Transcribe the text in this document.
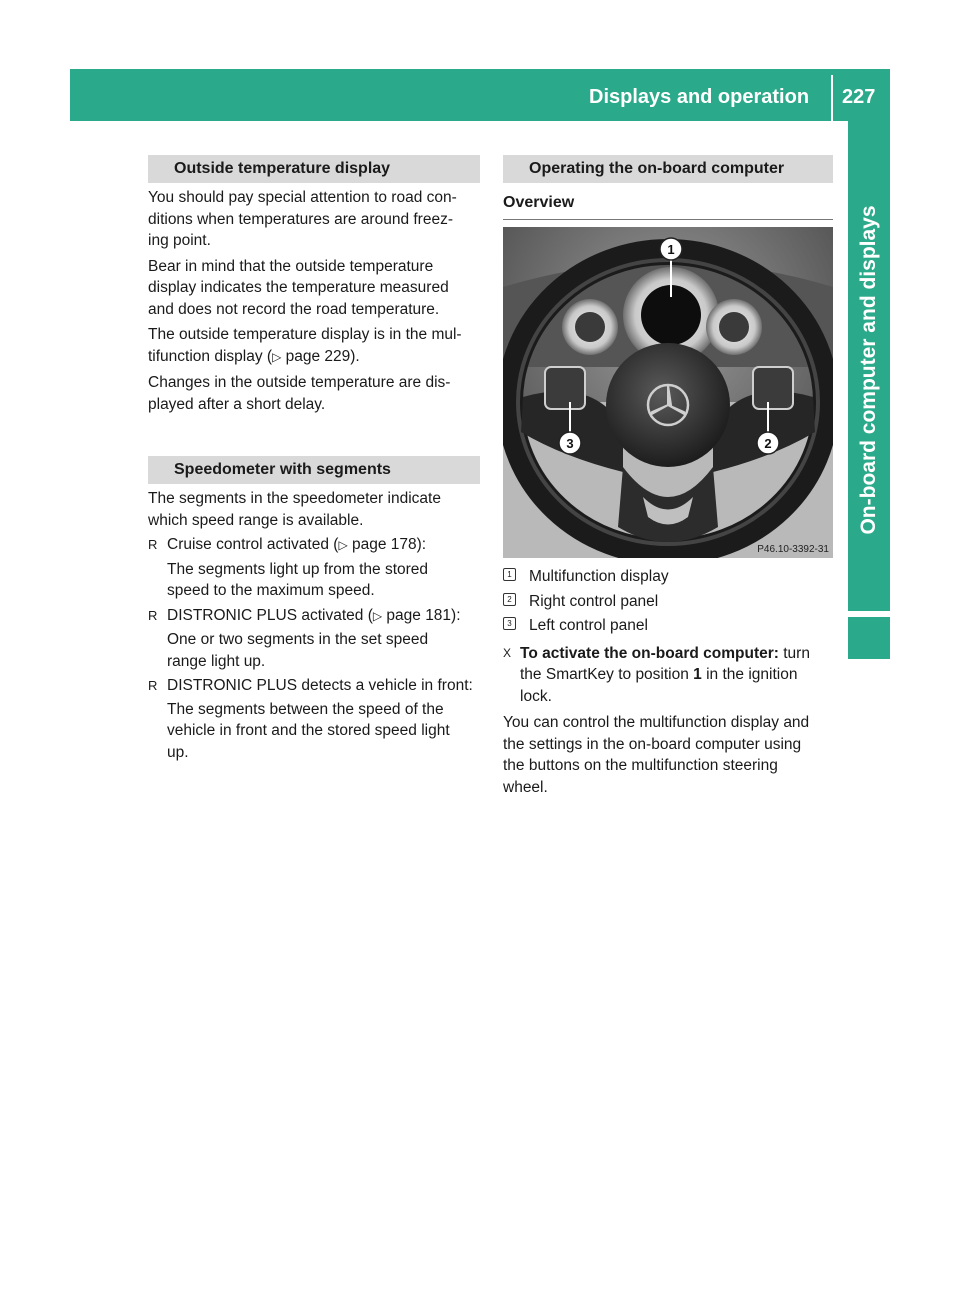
Displays and operation 227
On-board computer and displays
Outside temperature display

You should pay special attention to road con-
ditions when temperatures are around freez-
ing point.

Bear in mind that the outside temperature
display indicates the temperature measured
and does not record the road temperature.

The outside temperature display is in the mul-
tifunction display (▷ page 229).

Changes in the outside temperature are dis-
played after a short delay.

Speedometer with segments

The segments in the speedometer indicate
which speed range is available.

R Cruise control activated (▷ page 178):

The segments light up from the stored
speed to the maximum speed.

R DISTRONIC PLUS activated (▷ page 181):

One or two segments in the set speed
range light up.

R DISTRONIC PLUS detects a vehicle in front:

The segments between the speed of the
vehicle in front and the stored speed light
up.

Operating the on-board computer
Overview
1
2
3
P46.10-3392-31
1 Multifunction display
2 Right control panel
3 Left control panel
X To activate the on-board computer: turn
the SmartKey to position 1 in the ignition
lock.

You can control the multifunction display and
the settings in the on-board computer using
the buttons on the multifunction steering
wheel.
